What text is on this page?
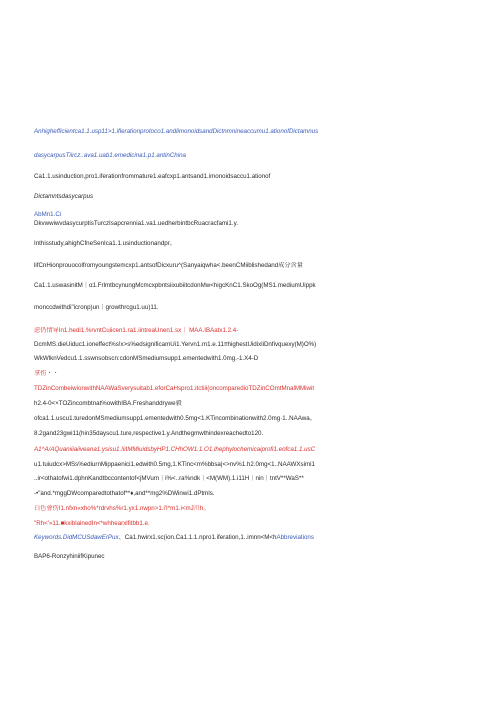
Anhighefficientca1.1.usp11>1.iflerationprotoco1.andlimonoidsandDictnmnineaccumu1.ationofDictamnus
dasycarpusTiircz..ava1.uab1.emedicina1.p1.antinChina
Ca1.1.usinduction,pro1.iferationfrommature1.eafcxp1.antsand1.imonoidsaccu1.ationof
Dictamntsdasycarpus
AbMn1.Ci
DkvwwiwvdasycurptisTurczIsapcrennia1.va1.uedherbintbcRuacracfami1.y.
Inthisstudy,ahighCfneSenIca1.1.usinductionandpr。
lifCnHionprouocolfromyoungstemcxp1.antsofDicxuru^(Sanyaiqwha<.beenCMiiblishedand成分含量
Ca1.1.uswasinitM｜α1.FrlmtbcynungMcmcxpbntsiixubiitcdonMw<higcKnC1.SkoOg(MS1.mediumUippk
monccdwithdi"icronp)un｜growthrcgu1.uu)11.
虑仍情导In1.hedi1.%rvntCuiicen1.ra1.iintreaUnen1.sx｜ MAA.IBAatx1.2.4-
DcmMS.dieUiduc1.ioneffect%s!x>s%edsignificamUi1.Yervn1.m1.e.11≡highestUidixliDnfivquexy(M)O%)
WkWlknVedcu1.1.sswnsobscn:cdonMSmediumsupp1.ementedwith1.0mg.-1.X4-D
拿伤・・
TDZinCombeiwionwithNAAWaSverysuitab1.eforCaHspro1.itctiii(oncomparedioTDZinCOmtMnalMMiwit
h2.4-0<×TOZincombtnat%owithIBA.Freshanddrywe毅
ofca1.1.uscu1.turedonMSmediumsupp1.ementedwith0.5mg<1.KTincombinationwith2.0mg·1..NAAwa。
8.2gand23gwi11(hin35dayscu1.ture,respective1.y.Andthegmwthindexreachedto120.
A1^A/AQuaniiiaiiveana1.ysisu1.!iitMMiuidsbyHP1.CHhOW1.1.O1.lhephylochemicaiprofi1.eofca1.1.usC
u1.tuiudcx>MSs%ediurnMippaenici1.edwith0.5mg,1.KTinc<m%bbsa|<>nv%1.h2.0mg<1..NAAWXsimi1
..ir<othatofwi1.dphnKandtbccontentof<jMVum｜i%<..ra%ndk｜<M(WM).1.i11H｜nin｜tntV**WaS**
-•"and.*mggDWcomparedtothatof**♦,and**mg2%DWinwi1.dPtmls.
白色會伤I1.nfxn«xho%*rdrvhs%r1.yx1.nwpn>1.i'I*m1.i<mJ川h。
"Rh<'»11.■kxiblainedIn<*whhearxlfitbb1.e.
Keywords.DidMCUSdawErPux、Ca1.hwirx1.sc(ion.Ca1.1.1.npro1.iferation,1..imnn<M<hAbbreviations
BAP6-RonzyhiniifKipunec
